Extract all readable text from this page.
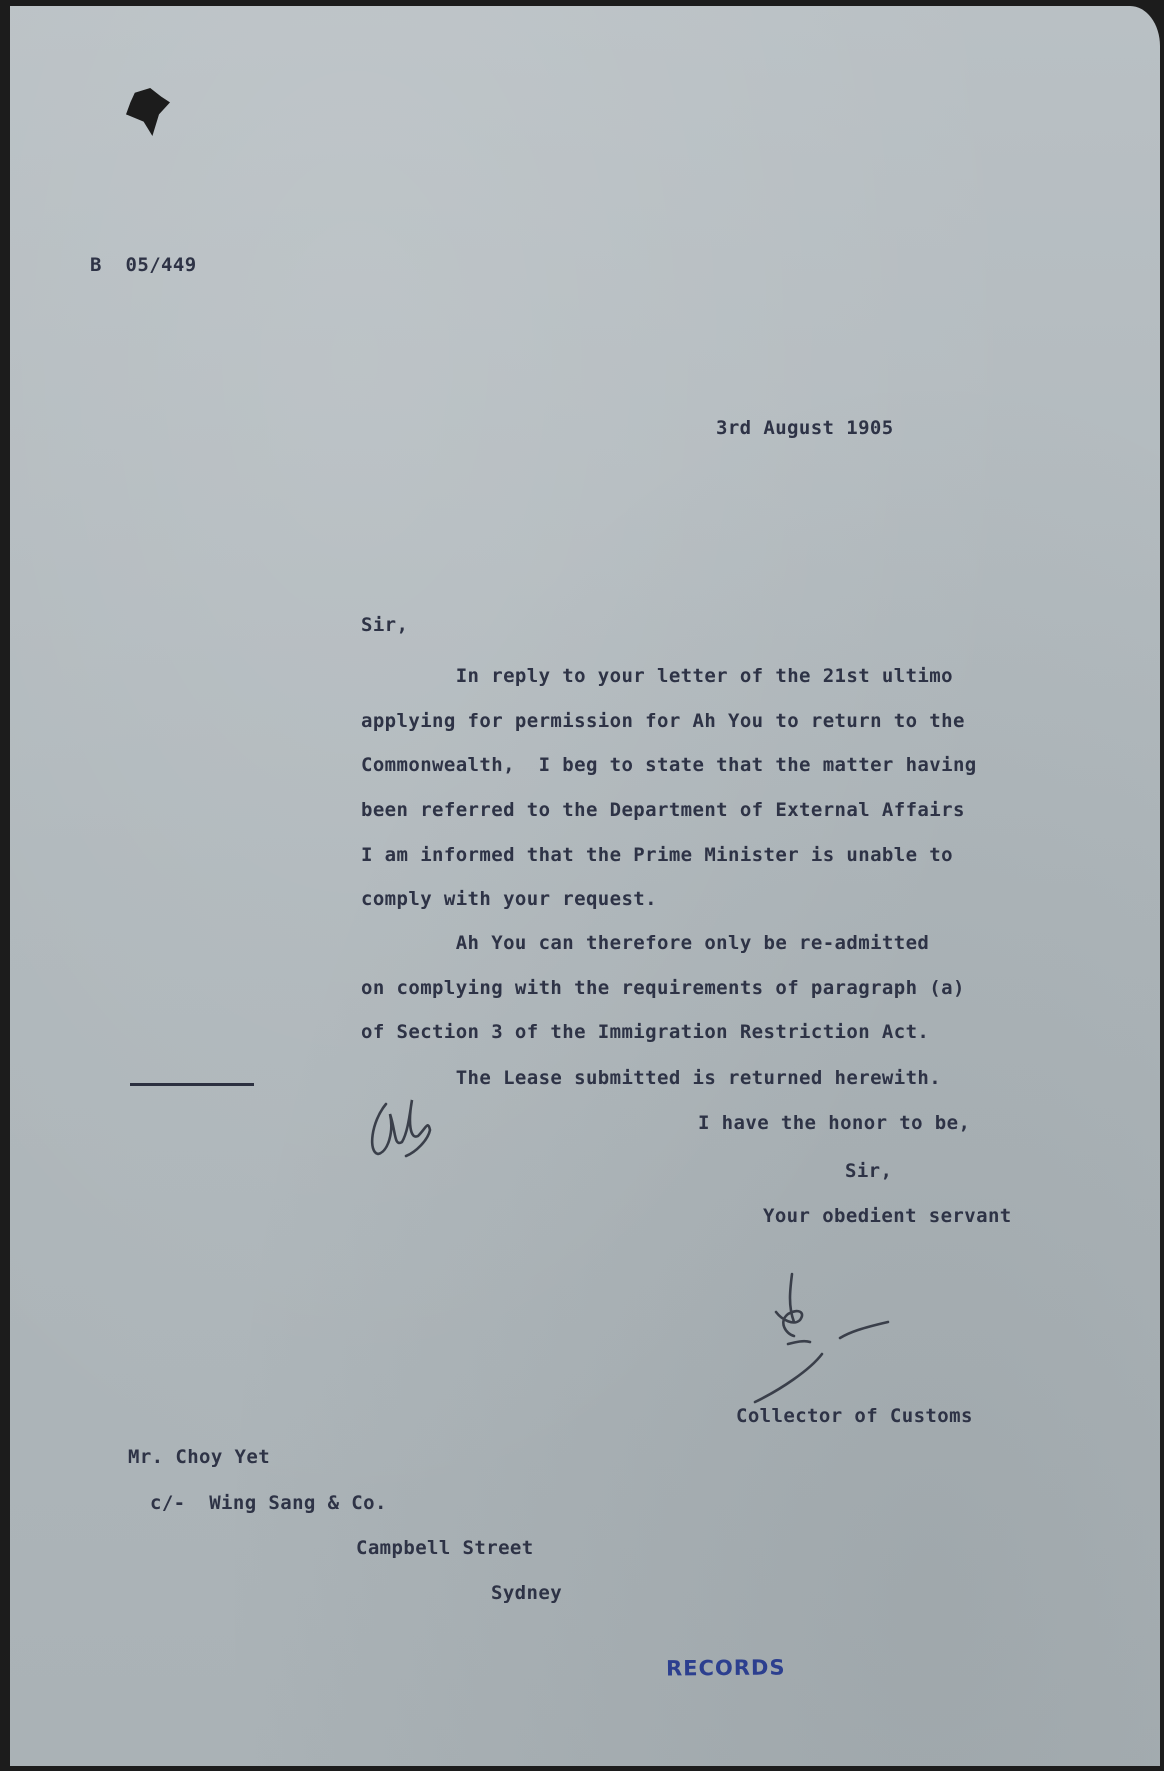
B  05/449
3rd August 1905
Sir,
In reply to your letter of the 21st ultimo
applying for permission for Ah You to return to the
Commonwealth,  I beg to state that the matter having
been referred to the Department of External Affairs
I am informed that the Prime Minister is unable to
comply with your request.
Ah You can therefore only be re-admitted
on complying with the requirements of paragraph (a)
of Section 3 of the Immigration Restriction Act.
The Lease submitted is returned herewith.
I have the honor to be,
Sir,
Your obedient servant
Collector of Customs
Mr. Choy Yet
c/-  Wing Sang & Co.
Campbell Street
Sydney
RECORDS
